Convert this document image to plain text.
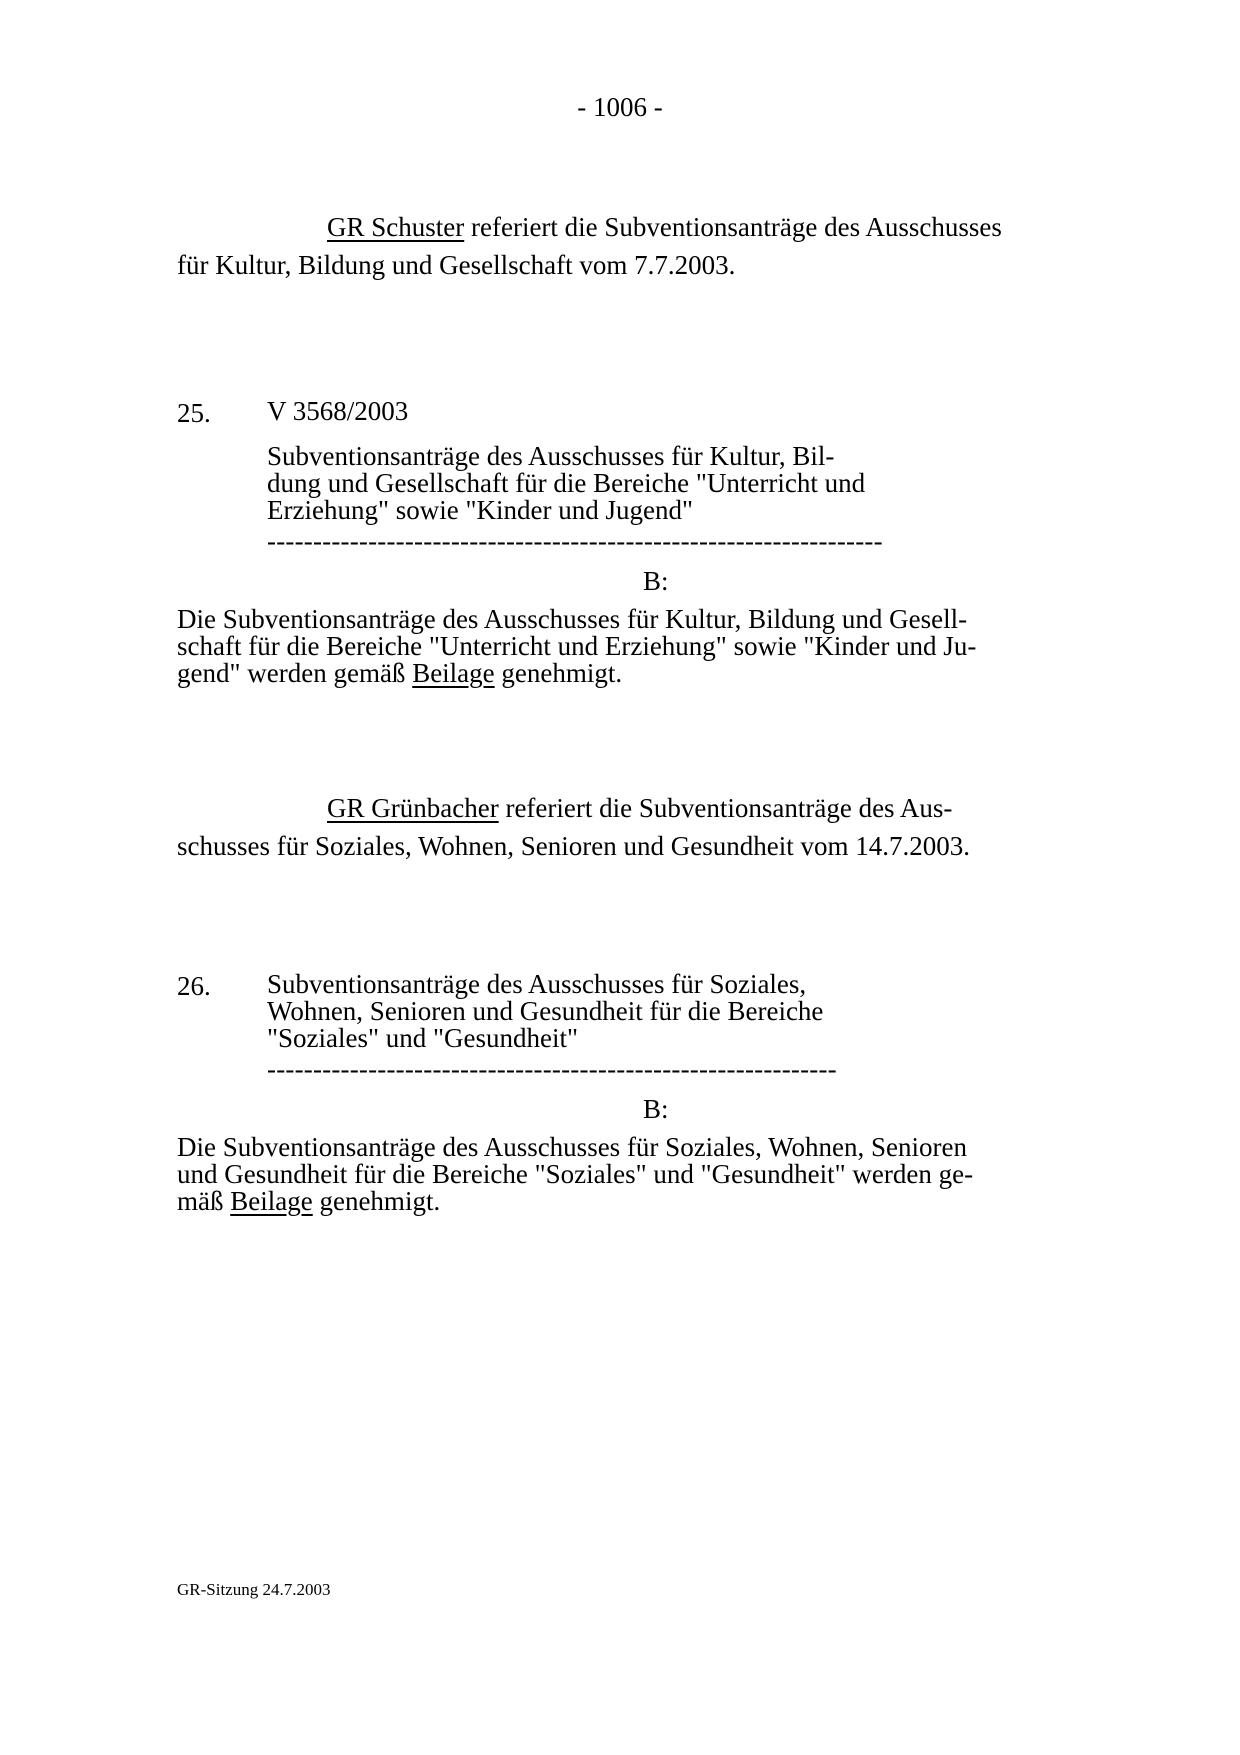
- 1006 -
GR Schuster referiert die Subventionsanträge des Ausschusses
für Kultur, Bildung und Gesellschaft vom 7.7.2003.
25. V 3568/2003
Subventionsanträge des Ausschusses für Kultur, Bil-
dung und Gesellschaft für die Bereiche "Unterricht und
Erziehung" sowie "Kinder und Jugend"
-------------------------------------------------------------------
B:
Die Subventionsanträge des Ausschusses für Kultur, Bildung und Gesell-
schaft für die Bereiche "Unterricht und Erziehung" sowie "Kinder und Ju-
gend" werden gemäß Beilage genehmigt.
GR Grünbacher referiert die Subventionsanträge des Aus-
schusses für Soziales, Wohnen, Senioren und Gesundheit vom 14.7.2003.
26. Subventionsanträge des Ausschusses für Soziales,
Wohnen, Senioren und Gesundheit für die Bereiche
"Soziales" und "Gesundheit"
--------------------------------------------------------------
B:
Die Subventionsanträge des Ausschusses für Soziales, Wohnen, Senioren
und Gesundheit für die Bereiche "Soziales" und "Gesundheit" werden ge-
mäß Beilage genehmigt.
GR-Sitzung 24.7.2003
